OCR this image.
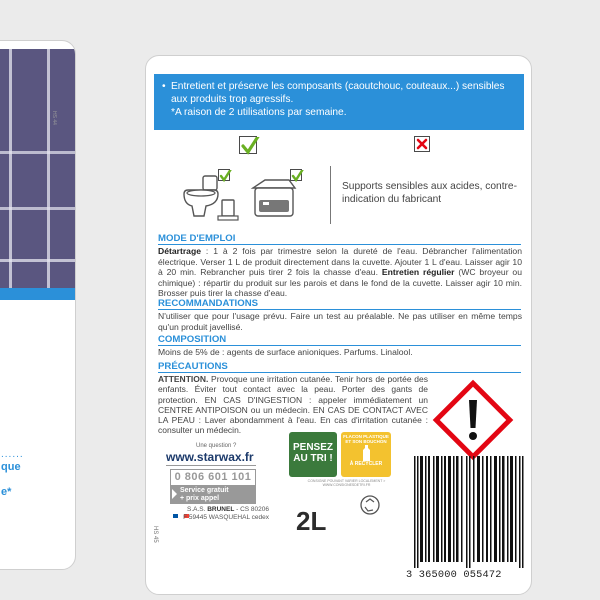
HS 44
......
que
e*
• Entretient et préserve les composants (caoutchouc, couteaux...) sensibles aux produits trop agressifs.
*A raison de 2 utilisations par semaine.
Supports sensibles aux acides, contre-indication du fabricant
MODE D'EMPLOI
Détartrage : 1 à 2 fois par trimestre selon la dureté de l'eau. Débrancher l'alimentation électrique. Verser 1 L de produit directement dans la cuvette. Ajouter 1 L d'eau. Laisser agir 10 à 20 min. Rebrancher puis tirer 2 fois la chasse d'eau. Entretien régulier (WC broyeur ou chimique) : répartir du produit sur les parois et dans le fond de la cuvette. Laisser agir 10 min. Brosser puis tirer la chasse d'eau.
RECOMMANDATIONS
N'utiliser que pour l'usage prévu. Faire un test au préalable. Ne pas utiliser en même temps qu'un produit javellisé.
COMPOSITION
Moins de 5% de : agents de surface anioniques. Parfums. Linalool.
PRÉCAUTIONS
ATTENTION. Provoque une irritation cutanée. Tenir hors de portée des enfants. Éviter tout contact avec la peau. Porter des gants de protection. EN CAS D'INGESTION : appeler immédiatement un CENTRE ANTIPOISON ou un médecin. EN CAS DE CONTACT AVEC LA PEAU : Laver abondamment à l'eau. En cas d'irritation cutanée : consulter un médecin.
Une question ?
www.starwax.fr
0 806 601 101
Service gratuit
+ prix appel
HS 45
S.A.S. BRUNEL - CS 80206
F 59445 WASQUEHAL cedex
PENSEZ
AU TRI !
FLACON PLASTIQUE ET SON BOUCHON
À RECYCLER
CONSIGNE POUVANT VARIER LOCALEMENT > WWW.CONSIGNESDETRI.FR
2L
3 365000 055472
